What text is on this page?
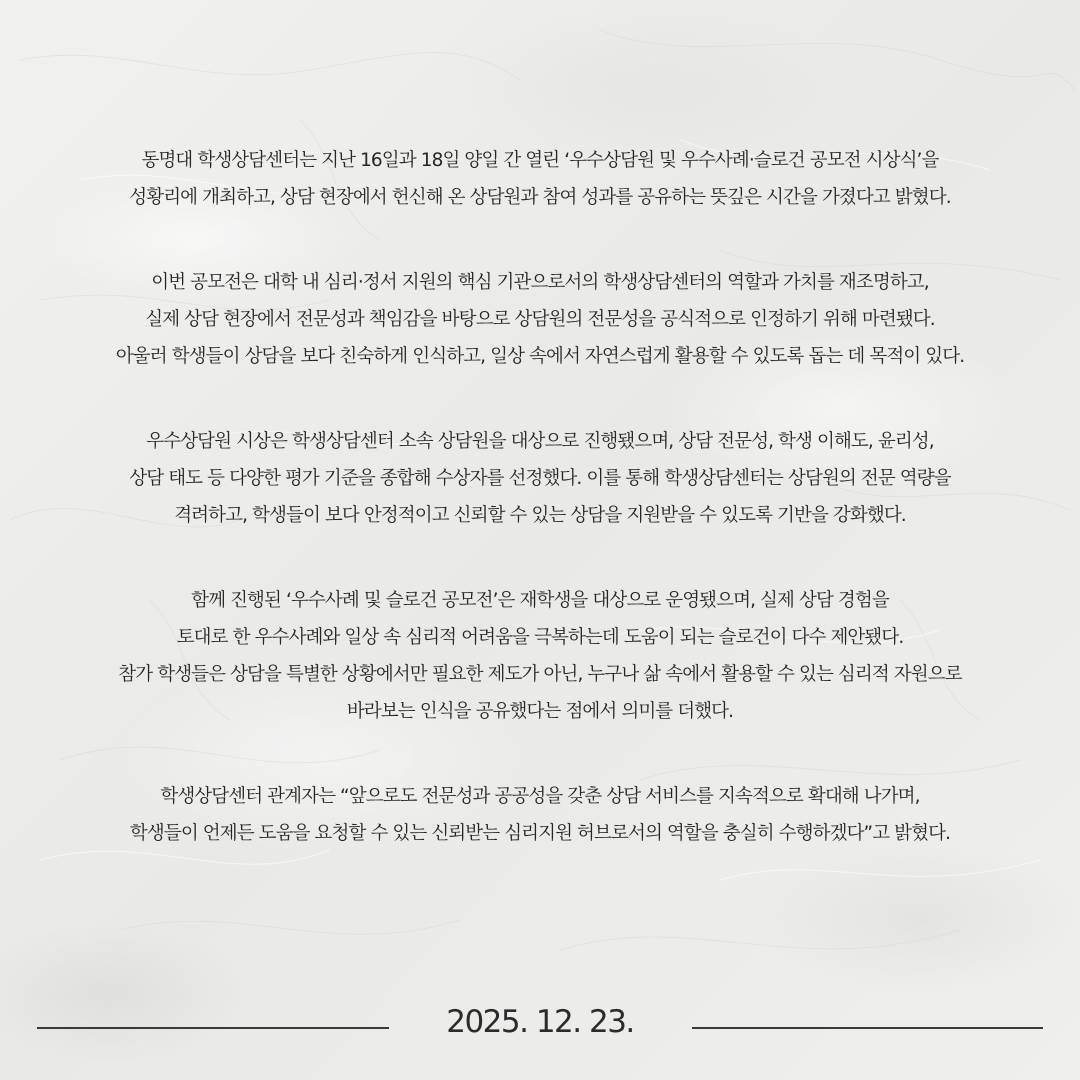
동명대 학생상담센터는 지난 16일과 18일 양일 간 열린 ‘우수상담원 및 우수사례·슬로건 공모전 시상식’을
성황리에 개최하고, 상담 현장에서 헌신해 온 상담원과 참여 성과를 공유하는 뜻깊은 시간을 가졌다고 밝혔다.

이번 공모전은 대학 내 심리·정서 지원의 핵심 기관으로서의 학생상담센터의 역할과 가치를 재조명하고,
실제 상담 현장에서 전문성과 책임감을 바탕으로 상담원의 전문성을 공식적으로 인정하기 위해 마련됐다.
아울러 학생들이 상담을 보다 친숙하게 인식하고, 일상 속에서 자연스럽게 활용할 수 있도록 돕는 데 목적이 있다.

우수상담원 시상은 학생상담센터 소속 상담원을 대상으로 진행됐으며, 상담 전문성, 학생 이해도, 윤리성,
상담 태도 등 다양한 평가 기준을 종합해 수상자를 선정했다. 이를 통해 학생상담센터는 상담원의 전문 역량을
격려하고, 학생들이 보다 안정적이고 신뢰할 수 있는 상담을 지원받을 수 있도록 기반을 강화했다.

함께 진행된 ‘우수사례 및 슬로건 공모전’은 재학생을 대상으로 운영됐으며, 실제 상담 경험을
토대로 한 우수사례와 일상 속 심리적 어려움을 극복하는데 도움이 되는 슬로건이 다수 제안됐다.
참가 학생들은 상담을 특별한 상황에서만 필요한 제도가 아닌, 누구나 삶 속에서 활용할 수 있는 심리적 자원으로
바라보는 인식을 공유했다는 점에서 의미를 더했다.

학생상담센터 관계자는 “앞으로도 전문성과 공공성을 갖춘 상담 서비스를 지속적으로 확대해 나가며,
학생들이 언제든 도움을 요청할 수 있는 신뢰받는 심리지원 허브로서의 역할을 충실히 수행하겠다”고 밝혔다.

2025. 12. 23.
